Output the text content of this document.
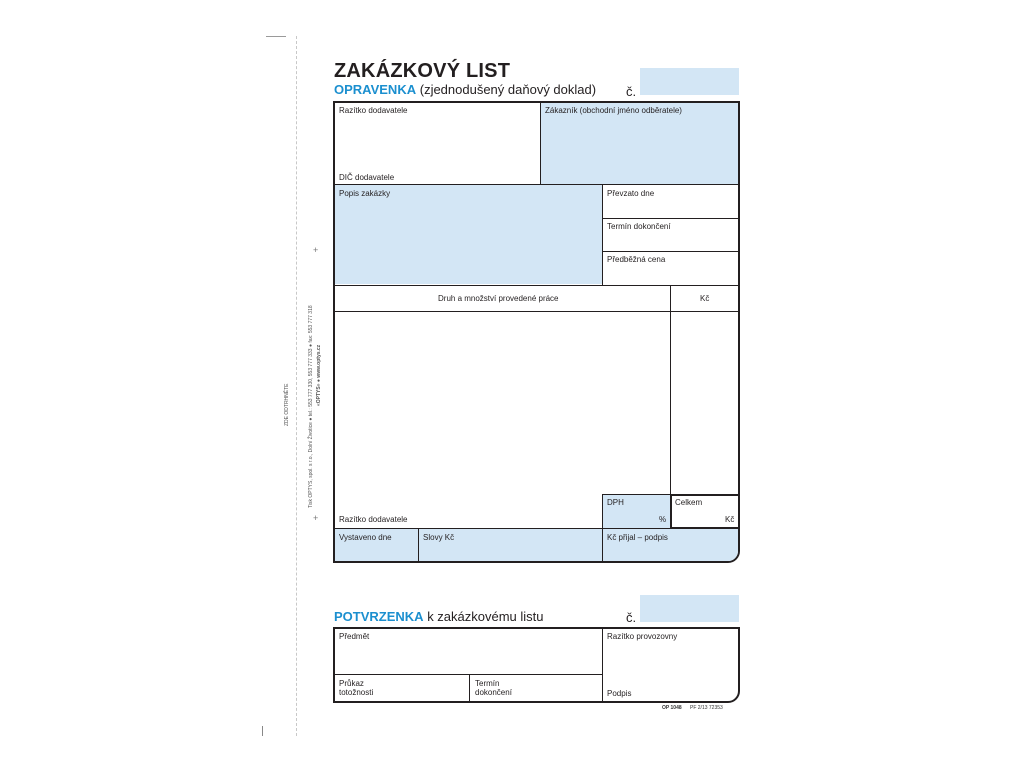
ZDE ODTRHNĚTE	Tisk OPTYS, spol. s r.o., Dolní Životice ● tel.: 553 777 330, 553 777 333 ● fax: 553 777 318 «OPTYS» ● www.optys.cz
+
+
ZAKÁZKOVÝ LIST
OPRAVENKA (zjednodušený daňový doklad) č.
Razítko dodavatele
DIČ dodavatele
Zákazník (obchodní jméno odběratele)
Popis zakázky	Převzato dne
Termín dokončení
Předběžná cena
Druh a množství provedené práce	Kč
DPH
%
Celkem
Kč
Razítko dodavatele
Vystaveno dne	Slovy Kč	Kč přijal – podpis
POTVRZENKA k zakázkovému listu	č.
Předmět	Razítko provozovny
Podpis
Průkaz
totožnosti
Termín
dokončení
OP 1048 PF 2/13 72353
